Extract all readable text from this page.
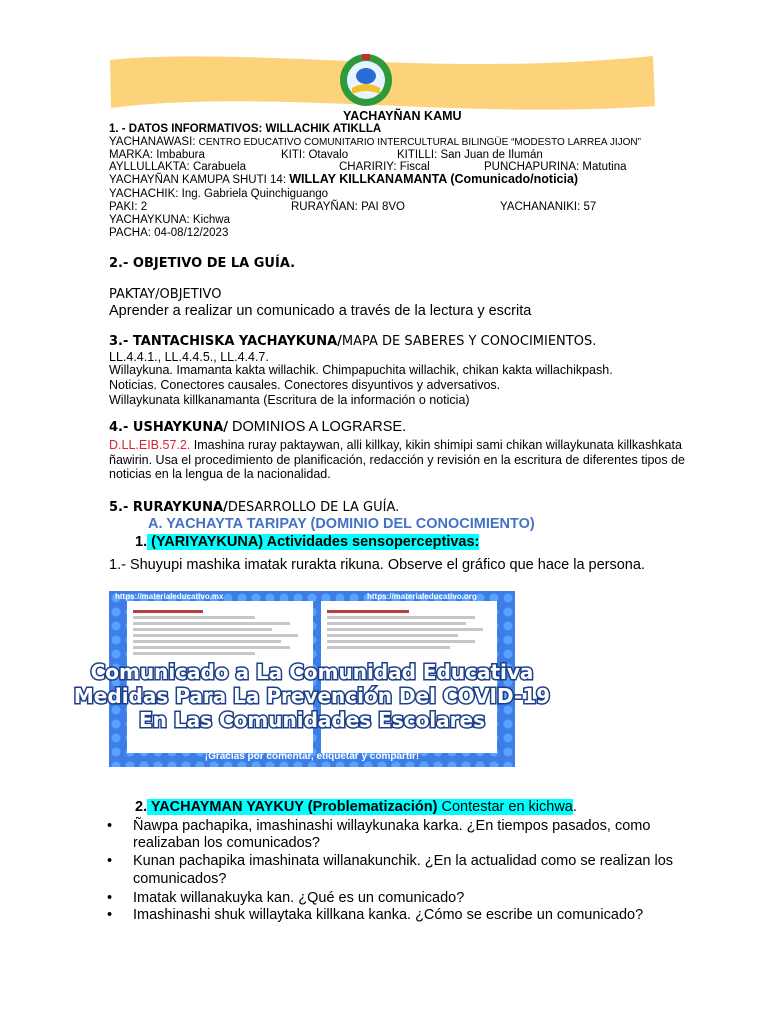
YACHAYÑAN KAMU
1. - DATOS INFORMATIVOS: WILLACHIK ATIKLLA
YACHANAWASI: CENTRO EDUCATIVO COMUNITARIO INTERCULTURAL BILINGÜE “MODESTO LARREA JIJON”
MARKA: Imbabura	KITI: Otavalo	KITILLI: San Juan de Ilumán
AYLLULLAKTA: Carabuela	CHARIRIY: Fiscal	PUNCHAPURINA: Matutina
YACHAYÑAN KAMUPA SHUTI 14: WILLAY KILLKANAMANTA (Comunicado/noticia)
YACHACHIK: Ing. Gabriela Quinchiguango
PAKI: 2	RURAYÑAN: PAI 8VO	YACHANANIKI: 57
YACHAYKUNA: Kichwa
PACHA: 04-08/12/2023
2.- OBJETIVO DE LA GUÍA.
PAKTAY/OBJETIVO
Aprender a realizar un comunicado a través de la lectura y escrita
3.- TANTACHISKA YACHAYKUNA/MAPA DE SABERES Y CONOCIMIENTOS.
LL.4.4.1., LL.4.4.5., LL.4.4.7.
Willaykuna. Imamanta kakta willachik. Chimpapuchita willachik, chikan kakta willachikpash.
Noticias. Conectores causales. Conectores disyuntivos y adversativos.
Willaykunata killkanamanta (Escritura de la información o noticia)
4.- USHAYKUNA/ DOMINIOS A LOGRARSE.
D.LL.EIB.57.2. Imashina ruray paktaywan, alli killkay, kikin shimipi sami chikan willaykunata killkashkata
ñawirin. Usa el procedimiento de planificación, redacción y revisión en la escritura de diferentes tipos de
noticias en la lengua de la nacionalidad.
5.- RURAYKUNA/DESARROLLO DE LA GUÍA.
A. YACHAYTA TARIPAY (DOMINIO DEL CONOCIMIENTO)
1. (YARIYAYKUNA) Actividades sensoperceptivas:
1.- Shuyupi mashika imatak rurakta rikuna. Observe el gráfico que hace la persona.
https://materialeducativo.mx	https://materialeducativo.org
Comunicado a La Comunidad Educativa
Medidas Para La Prevención Del COVID-19
En Las Comunidades Escolares
¡Gracias por comentar, etiquetar y compartir!
2. YACHAYMAN YAYKUY (Problematización) Contestar en kichwa.
• Ñawpa pachapika, imashinashi willaykunaka karka. ¿En tiempos pasados, como
realizaban los comunicados?
• Kunan pachapika imashinata willanakunchik. ¿En la actualidad como se realizan los
comunicados?
• Imatak willanakuyka kan. ¿Qué es un comunicado?
• Imashinashi shuk willaytaka killkana kanka. ¿Cómo se escribe un comunicado?
